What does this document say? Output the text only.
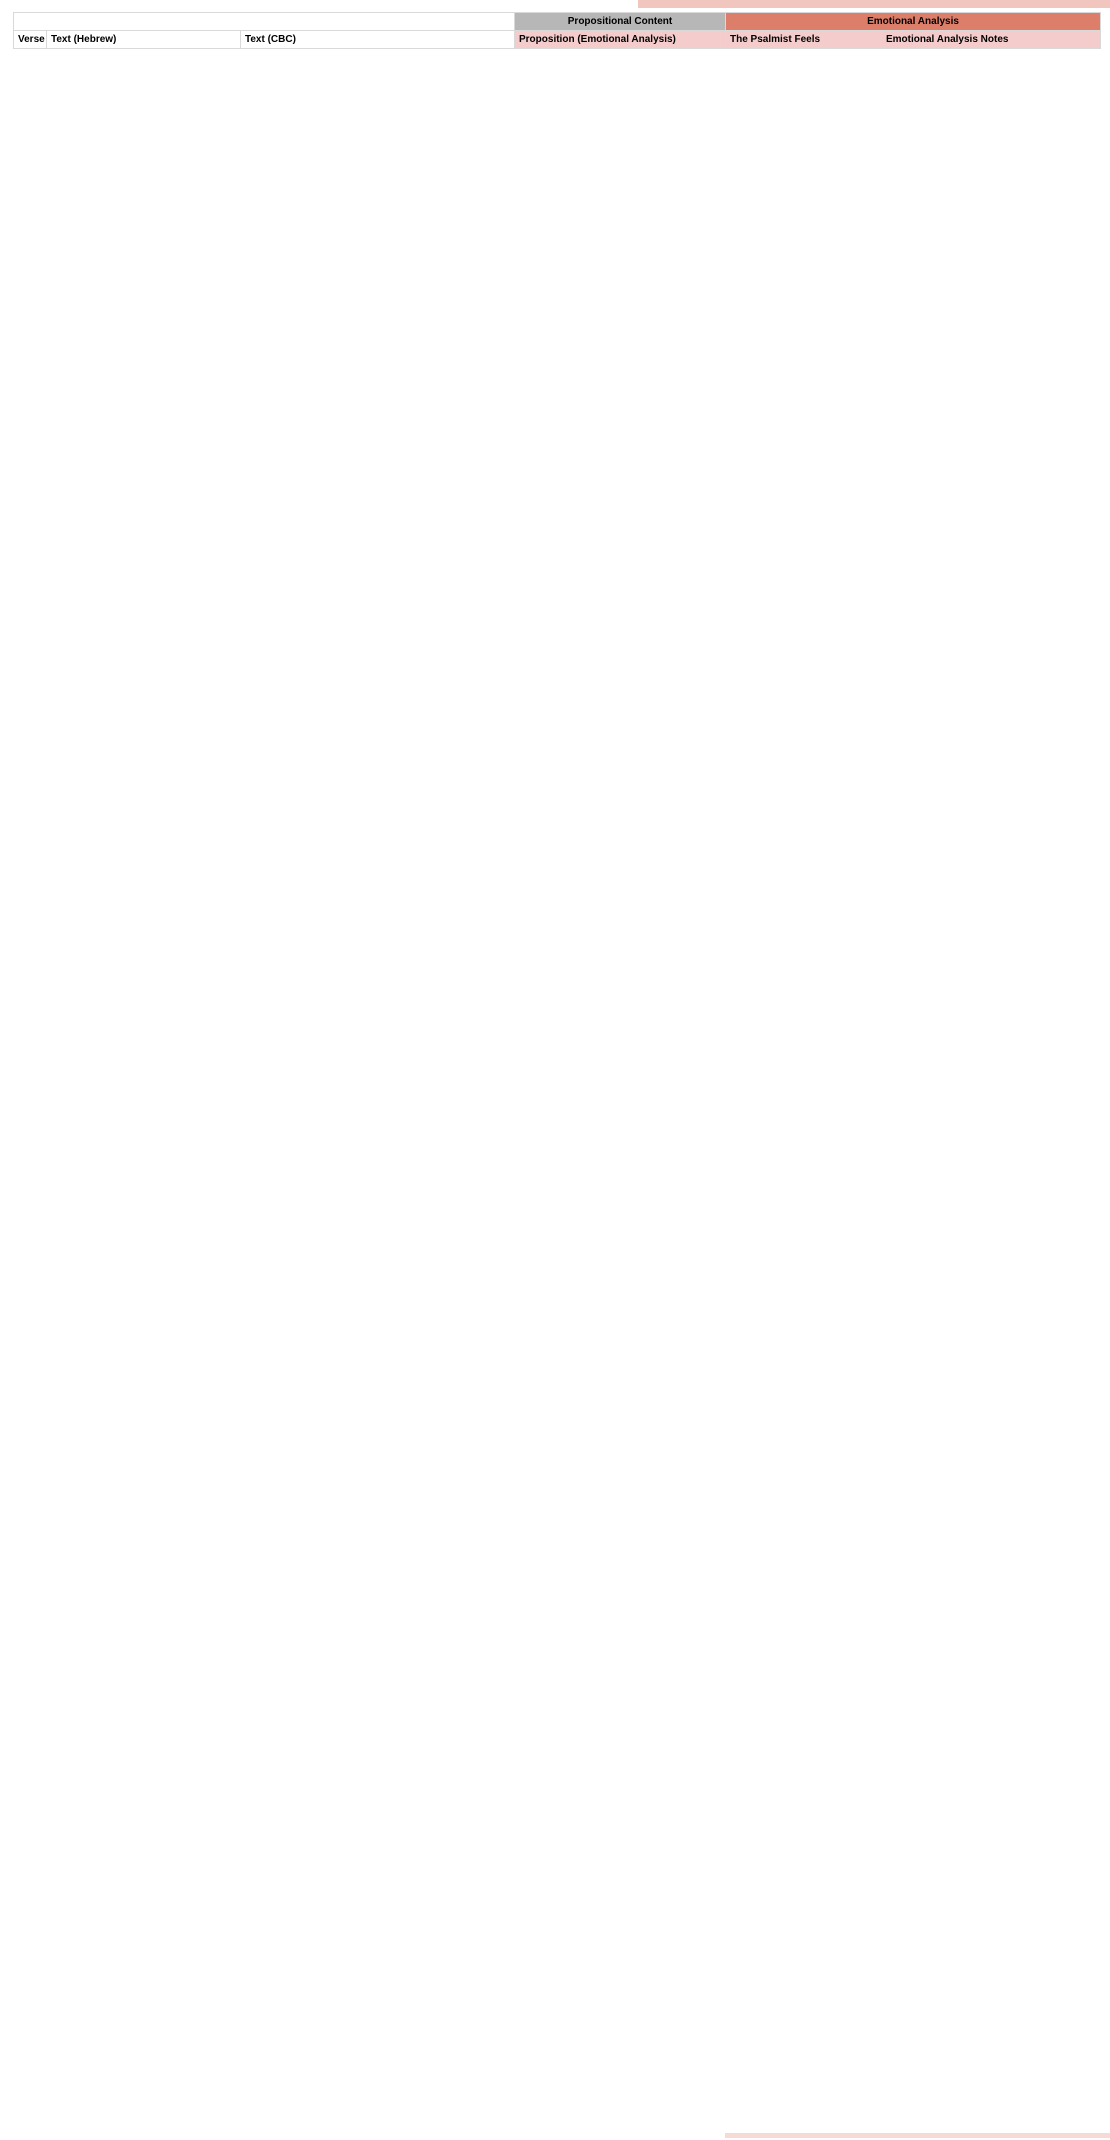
			Propositional Content	Emotional Analysis	
Verse	Text (Hebrew)	Text (CBC)	Proposition (Emotional Analysis)	The Psalmist Feels	Emotional Analysis Notes
